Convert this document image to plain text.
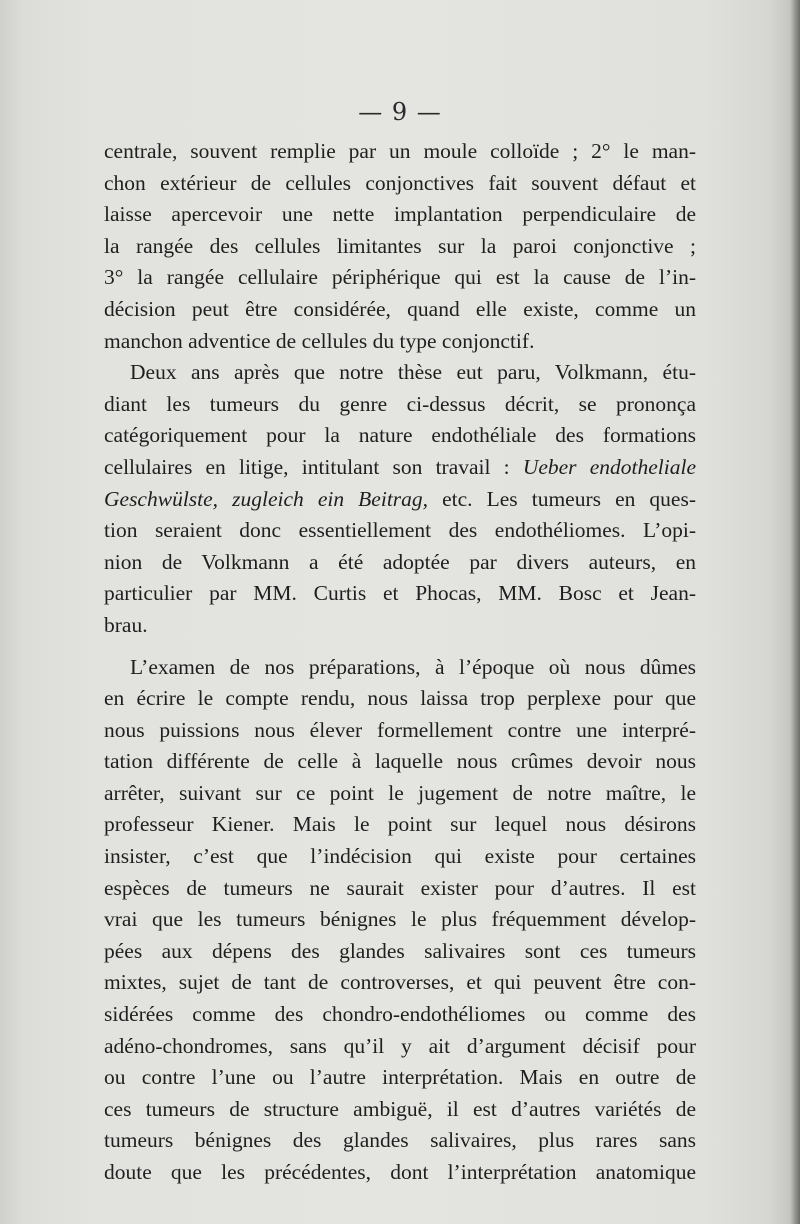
— 9 —
centrale, souvent remplie par un moule colloïde ; 2° le man-
chon extérieur de cellules conjonctives fait souvent défaut et
laisse apercevoir une nette implantation perpendiculaire de
la rangée des cellules limitantes sur la paroi conjonctive ;
3° la rangée cellulaire périphérique qui est la cause de l’in-
décision peut être considérée, quand elle existe, comme un
manchon adventice de cellules du type conjonctif.
Deux ans après que notre thèse eut paru, Volkmann, étu-
diant les tumeurs du genre ci-dessus décrit, se prononça
catégoriquement pour la nature endothéliale des formations
cellulaires en litige, intitulant son travail : Ueber endotheliale
Geschwülste, zugleich ein Beitrag, etc. Les tumeurs en ques-
tion seraient donc essentiellement des endothéliomes. L’opi-
nion de Volkmann a été adoptée par divers auteurs, en
particulier par MM. Curtis et Phocas, MM. Bosc et Jean-
brau.
L’examen de nos préparations, à l’époque où nous dûmes
en écrire le compte rendu, nous laissa trop perplexe pour que
nous puissions nous élever formellement contre une interpré-
tation différente de celle à laquelle nous crûmes devoir nous
arrêter, suivant sur ce point le jugement de notre maître, le
professeur Kiener. Mais le point sur lequel nous désirons
insister, c’est que l’indécision qui existe pour certaines
espèces de tumeurs ne saurait exister pour d’autres. Il est
vrai que les tumeurs bénignes le plus fréquemment dévelop-
pées aux dépens des glandes salivaires sont ces tumeurs
mixtes, sujet de tant de controverses, et qui peuvent être con-
sidérées comme des chondro-endothéliomes ou comme des
adéno-chondromes, sans qu’il y ait d’argument décisif pour
ou contre l’une ou l’autre interprétation. Mais en outre de
ces tumeurs de structure ambiguë, il est d’autres variétés de
tumeurs bénignes des glandes salivaires, plus rares sans
doute que les précédentes, dont l’interprétation anatomique
